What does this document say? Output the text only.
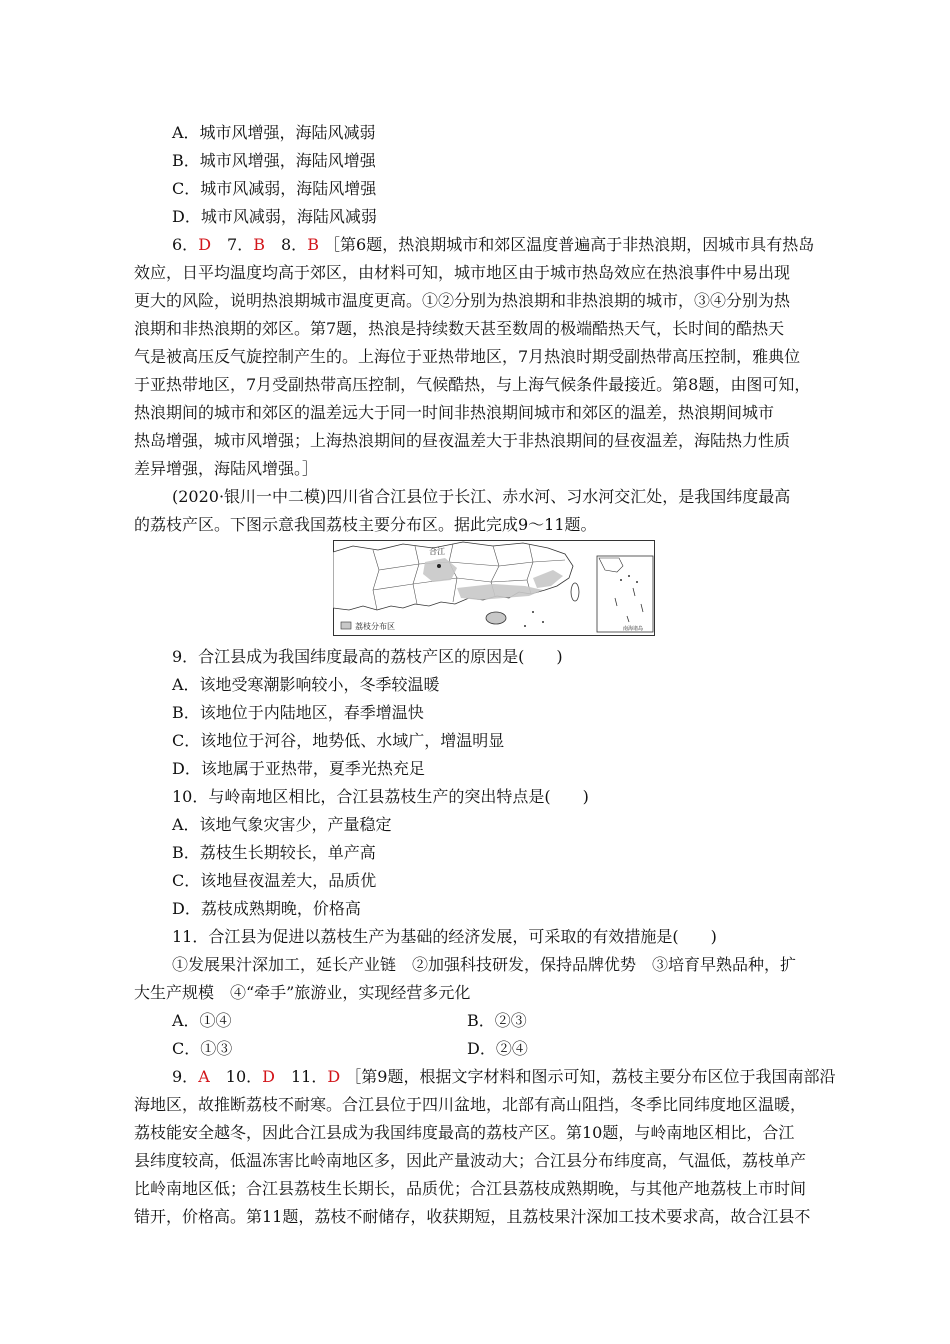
A．城市风增强，海陆风减弱
B．城市风增强，海陆风增强
C．城市风减弱，海陆风增强
D．城市风减弱，海陆风减弱
6．D　 7．B　 8．B ［第6题，热浪期城市和郊区温度普遍高于非热浪期，因城市具有热岛
效应，日平均温度均高于郊区，由材料可知，城市地区由于城市热岛效应在热浪事件中易出现
更大的风险，说明热浪期城市温度更高。①②分别为热浪期和非热浪期的城市，③④分别为热
浪期和非热浪期的郊区。第7题，热浪是持续数天甚至数周的极端酷热天气，长时间的酷热天
气是被高压反气旋控制产生的。上海位于亚热带地区，7月热浪时期受副热带高压控制，雅典位
于亚热带地区，7月受副热带高压控制，气候酷热，与上海气候条件最接近。第8题，由图可知，
热浪期间的城市和郊区的温差远大于同一时间非热浪期间城市和郊区的温差，热浪期间城市
热岛增强，城市风增强；上海热浪期间的昼夜温差大于非热浪期间的昼夜温差，海陆热力性质
差异增强，海陆风增强。］
(2020·银川一中二模)四川省合江县位于长江、赤水河、习水河交汇处，是我国纬度最高
的荔枝产区。下图示意我国荔枝主要分布区。据此完成9～11题。
合江
荔枝分布区	南海诸岛
9．合江县成为我国纬度最高的荔枝产区的原因是(　　)
A．该地受寒潮影响较小，冬季较温暖
B．该地位于内陆地区，春季增温快
C．该地位于河谷，地势低、水域广，增温明显
D．该地属于亚热带，夏季光热充足
10．与岭南地区相比，合江县荔枝生产的突出特点是(　　)
A．该地气象灾害少，产量稳定
B．荔枝生长期较长，单产高
C．该地昼夜温差大，品质优
D．荔枝成熟期晚，价格高
11．合江县为促进以荔枝生产为基础的经济发展，可采取的有效措施是(　　)
①发展果汁深加工，延长产业链　②加强科技研发，保持品牌优势　③培育早熟品种，扩
大生产规模　④“牵手”旅游业，实现经营多元化
A．①④	B．②③
C．①③	D．②④
9．A　 10．D　 11．D ［第9题，根据文字材料和图示可知，荔枝主要分布区位于我国南部沿
海地区，故推断荔枝不耐寒。合江县位于四川盆地，北部有高山阻挡，冬季比同纬度地区温暖，
荔枝能安全越冬，因此合江县成为我国纬度最高的荔枝产区。第10题，与岭南地区相比，合江
县纬度较高，低温冻害比岭南地区多，因此产量波动大；合江县分布纬度高，气温低，荔枝单产
比岭南地区低；合江县荔枝生长期长，品质优；合江县荔枝成熟期晚，与其他产地荔枝上市时间
错开，价格高。第11题，荔枝不耐储存，收获期短，且荔枝果汁深加工技术要求高，故合江县不
